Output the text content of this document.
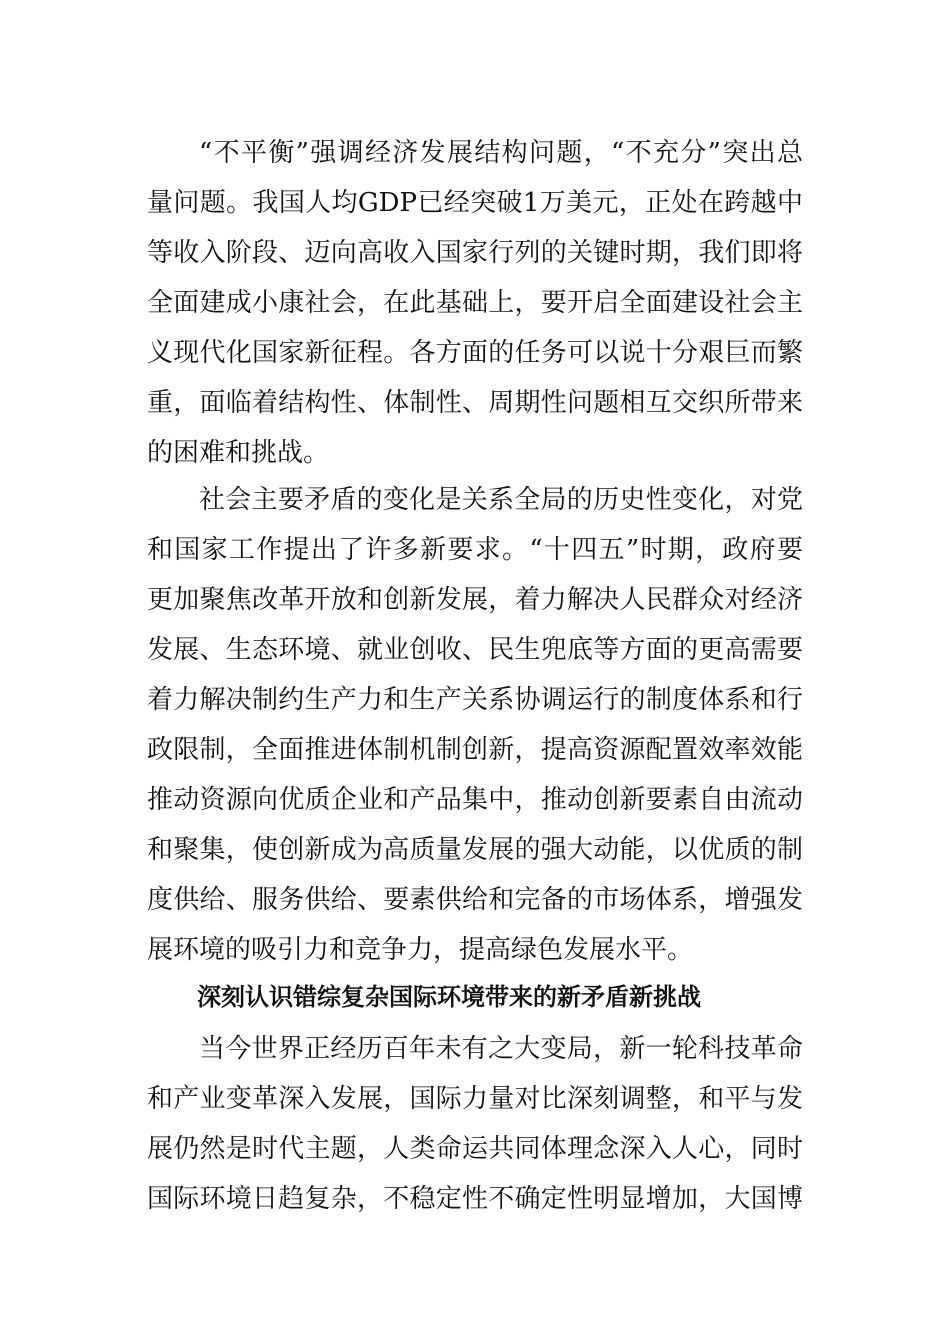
“不平衡”强调经济发展结构问题，“不充分”突出总
量问题。我国人均GDP已经突破1万美元，正处在跨越中
等收入阶段、迈向高收入国家行列的关键时期，我们即将
全面建成小康社会，在此基础上，要开启全面建设社会主
义现代化国家新征程。各方面的任务可以说十分艰巨而繁
重，面临着结构性、体制性、周期性问题相互交织所带来
的困难和挑战。
社会主要矛盾的变化是关系全局的历史性变化，对党
和国家工作提出了许多新要求。“十四五”时期，政府要
更加聚焦改革开放和创新发展，着力解决人民群众对经济
发展、生态环境、就业创收、民生兜底等方面的更高需要
着力解决制约生产力和生产关系协调运行的制度体系和行
政限制，全面推进体制机制创新，提高资源配置效率效能
推动资源向优质企业和产品集中，推动创新要素自由流动
和聚集，使创新成为高质量发展的强大动能，以优质的制
度供给、服务供给、要素供给和完备的市场体系，增强发
展环境的吸引力和竞争力，提高绿色发展水平。
深刻认识错综复杂国际环境带来的新矛盾新挑战
当今世界正经历百年未有之大变局，新一轮科技革命
和产业变革深入发展，国际力量对比深刻调整，和平与发
展仍然是时代主题，人类命运共同体理念深入人心，同时
国际环境日趋复杂，不稳定性不确定性明显增加，大国博
